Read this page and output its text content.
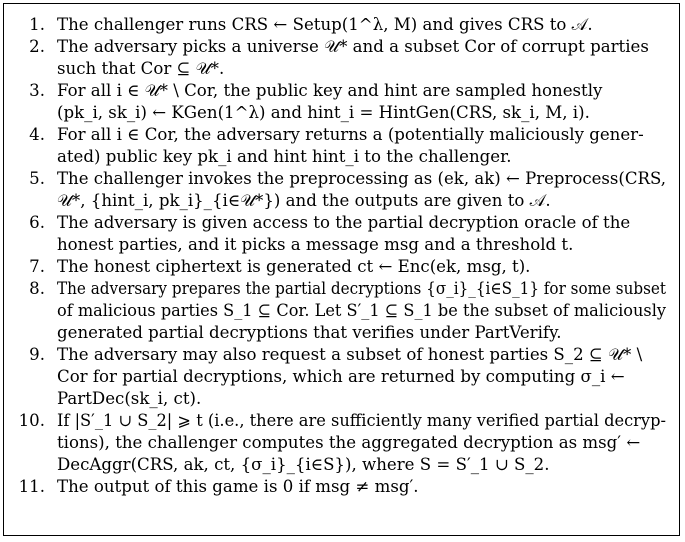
1. The challenger runs CRS ← Setup(1^λ, M) and gives CRS to 𝒜.
2. The adversary picks a universe 𝒰* and a subset Cor of corrupt parties
such that Cor ⊆ 𝒰*.
3. For all i ∈ 𝒰* \ Cor, the public key and hint are sampled honestly
(pk_i, sk_i) ← KGen(1^λ) and hint_i = HintGen(CRS, sk_i, M, i).
4. For all i ∈ Cor, the adversary returns a (potentially maliciously gener-
ated) public key pk_i and hint hint_i to the challenger.
5. The challenger invokes the preprocessing as (ek, ak) ← Preprocess(CRS,
𝒰*, {hint_i, pk_i}_{i∈𝒰*}) and the outputs are given to 𝒜.
6. The adversary is given access to the partial decryption oracle of the
honest parties, and it picks a message msg and a threshold t.
7. The honest ciphertext is generated ct ← Enc(ek, msg, t).
8. The adversary prepares the partial decryptions {σ_i}_{i∈S_1} for some subset
of malicious parties S_1 ⊆ Cor. Let S′_1 ⊆ S_1 be the subset of maliciously
generated partial decryptions that verifies under PartVerify.
9. The adversary may also request a subset of honest parties S_2 ⊆ 𝒰* \
Cor for partial decryptions, which are returned by computing σ_i ←
PartDec(sk_i, ct).
10. If |S′_1 ∪ S_2| ⩾ t (i.e., there are sufficiently many verified partial decryp-
tions), the challenger computes the aggregated decryption as msg′ ←
DecAggr(CRS, ak, ct, {σ_i}_{i∈S}), where S = S′_1 ∪ S_2.
11. The output of this game is 0 if msg ≠ msg′.
